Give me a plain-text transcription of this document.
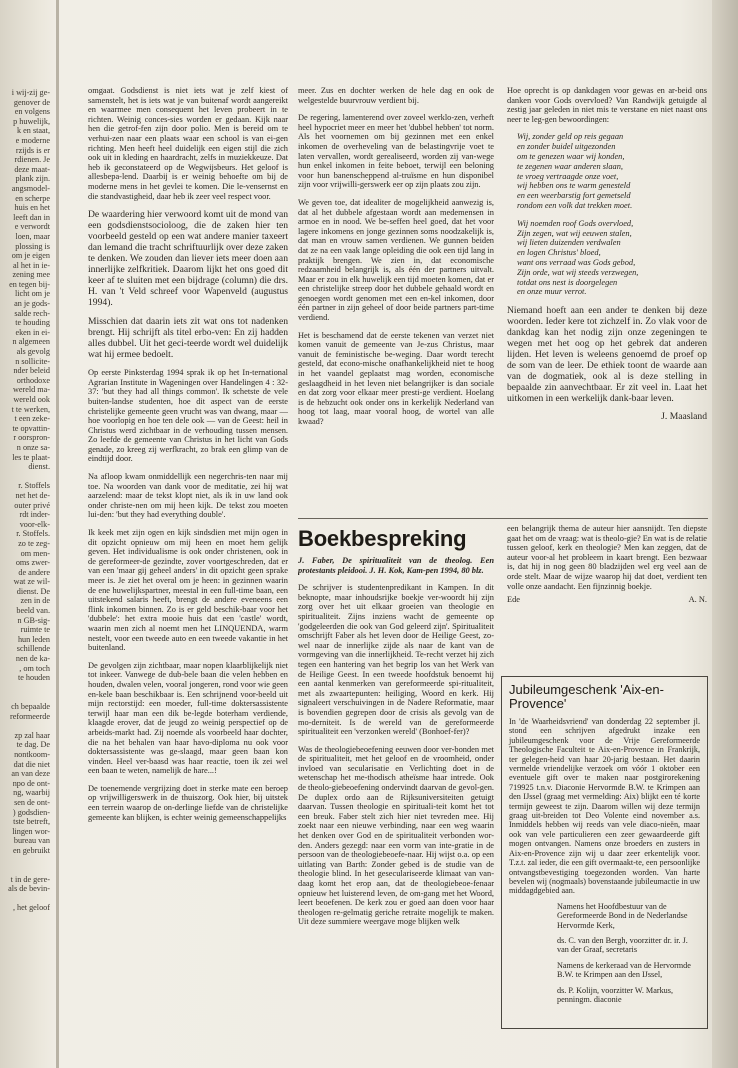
i wij-zij ge-
genover de
en volgens
p huwelijk,
k en staat,
e moderne
rzijds is er
rdienen. Je
deze maat-
plank zijn.
angsmodel-
en scherpe
huis en het
leeft dan in
e verwordt
loen, maar
plossing is
om je eigen
al het in ie-
zening mee
en tegen bij-
licht om je
an je gods-
salde rech-
te houding
eken in ei-
n algemeen
als gevolg
n sollicite-
nder beleid
orthodoxe
wereld ma-
wereld ook
t te werken,
t een zeke-
te opvattin-
r oorspron-
n onze sa-
les te plaat-
dienst.

r. Stoffels
net het de-
outer privé
rdt inder-
voor-elk-
r. Stoffels.
zo te zeg-
om men-
oms zwer-
de andere
wat ze wil-
dienst. De
zen in de
beeld van.
n GB-sig-
ruimte te
hun leden
schillende
nen de ka-
, om toch
te houden

ch bepaalde
reformeerde

zp zal haar
te dag. De
nontkoom-
dat die niet
an van deze
npo de ont-
ng, waarbij
sen de ont-
) godsdien-
tste betreft,
lingen wor-
bureau van
en gebruikt

t in de gere-
als de bevin-

, het geloof

omgaat. Godsdienst is niet iets wat je zelf kiest of samenstelt, het is iets wat je van buitenaf wordt aangereikt en waarmee men consequent het leven probeert in te richten. Weinig conces-sies worden er gedaan. Kijk naar hen die getrof-fen zijn door polio. Men is bereid om te verhui-zen naar een plaats waar een school is van ei-gen richting. Men heeft heel duidelijk een eigen stijl die zich ook uit in kleding en haardracht, zelfs in muziekkeuze. Dat heb ik geconstateerd op de Wegwijsbeurs. Het geloof is allesbepa-lend. Daarbij is er weinig behoefte om bij de moderne mens in het gevlei te komen. Die le-vensernst en die standvastigheid, daar heb ik zeer veel respect voor.

De waardering hier verwoord komt uit de mond van een godsdienstsocioloog, die de zaken hier ten voorbeeld gesteld op een wat andere manier taxeert dan lemand die tracht schriftuurlijk over deze zaken te denken. We zouden dan liever iets meer doen aan innerlijke zelfkritiek. Daarom lijkt het ons goed dit keer af te sluiten met een bijdrage (column) die drs. H. van 't Veld schreef voor Wapenveld (augustus 1994).

Misschien dat daarin iets zit wat ons tot nadenken brengt. Hij schrijft als titel erbo-ven: En zij hadden alles dubbel. Uit het geci-teerde wordt wel duidelijk wat hij ermee bedoelt.

Op eerste Pinksterdag 1994 sprak ik op het In-ternational Agrarian Institute in Wageningen over Handelingen 4 : 32-37: 'but they had all things common'. Ik schetste de vele buiten-landse studenten, hoe dit aspect van de eerste christelijke gemeente geen vrucht was van dwang, maar — hoe voorlopig en hoe ten dele ook — van de Geest: heil in Christus werd zichtbaar in de verhouding tussen mensen. Zo leefde de gemeente van Christus in het licht van Gods genade, zo kreeg zij werfkracht, zo brak een glimp van de eindtijd door.

Na afloop kwam onmiddellijk een negerchris-ten naar mij toe. Na woorden van dank voor de meditatie, zei hij wat aarzelend: maar de tekst klopt niet, als ik in uw land ook onder christe-nen om mij heen kijk. De tekst zou moeten lui-den: 'but they had everything double'.

Ik keek met zijn ogen en kijk sindsdien met mijn ogen in dit opzicht opnieuw om mij heen en moet hem gelijk geven. Het individualisme is ook onder christenen, ook in de gereformeer-de gezindte, zover voortgeschreden, dat er van een 'maar gij geheel anders' in dit opzicht geen sprake meer is. Je ziet het overal om je heen: in gezinnen waarin de ene huwelijkspartner, meestal in een full-time baan, een uitstekend salaris heeft, brengt de andere eveneens een flink inkomen binnen. Zo is er geld beschik-baar voor het 'dubbele': het extra mooie huis dat een 'castle' wordt, waarin men zich al noemt men het LINQUENDA, warm nestelt, voor een tweede auto en een tweede vakantie in het buitenland.

De gevolgen zijn zichtbaar, maar nopen klaarblijkelijk niet tot inkeer. Vanwege de dub-bele baan die velen hebben en houden, dwalen velen, vooral jongeren, rond voor wie geen en-kele baan beschikbaar is. Een schrijnend voor-beeld uit mijn rectorstijd: een moeder, full-time doktersassistente terwijl haar man een dik be-legde boterham verdiende, klaagde erover, dat de jeugd zo weinig perspectief op de arbeids-markt had. Zij noemde als voorbeeld haar dochter, die na het behalen van haar havo-diploma nu ook voor doktersassistente was ge-slaagd, maar geen baan kon vinden. Heel ver-baasd was haar reactie, toen ik zei wel een baan te weten, namelijk de hare...!

De toenemende vergrijzing doet in sterke mate een beroep op vrijwilligerswerk in de thuiszorg. Ook hier, bij uitstek een terrein waarop de on-derlinge liefde van de christelijke gemeente kan blijken, is echter weinig gemeenschappelijks

meer. Zus en dochter werken de hele dag en ook de welgestelde buurvrouw verdient bij.

De regering, lamenterend over zoveel werklo-zen, verheft heel hypocriet meer en meer het 'dubbel hebben' tot norm. Als het voornemen om bij gezinnen met een enkel inkomen de overheveling van de belastingvrije voet te laten vervallen, wordt gerealiseerd, worden zij van-wege hun enkel inkomen in feite beboet, terwijl een beloning voor hun banenscheppend al-truïsme en hun disponibel zijn voor vrijwilli-gerswerk eer op zijn plaats zou zijn.

We geven toe, dat idealiter de mogelijkheid aanwezig is, dat al het dubbele afgestaan wordt aan medemensen in armoe en in nood. We be-seffen heel goed, dat het voor lagere inkomens en jonge gezinnen soms noodzakelijk is, dat man en vrouw samen verdienen. We gunnen beiden dat ze na een vaak lange opleiding die ook een tijd lang in praktijk brengen. We zien in, dat economische redzaamheid belangrijk is, als één der partners uitvalt. Maar er zou in elk huwelijk een tijd moeten komen, dat er een christelijke streep door het dubbele gehaald wordt en genoegen wordt genomen met een en-kel inkomen, door één partner in zijn geheel of door beide partners part-time verdiend.

Het is beschamend dat de eerste tekenen van verzet niet komen vanuit de gemeente van Je-zus Christus, maar vanuit de feministische be-weging. Daar wordt terecht gesteld, dat econo-mische onafhankelijkheid niet te hoog in het vaandel geplaatst mag worden, economische geslaagdheid in het leven niet belangrijker is dan sociale en dat zorg voor elkaar meer presti-ge verdient. Hoelang is de hebzucht ook onder ons in kerkelijk Nederland van hoog tot laag, maar vooral hoog, de wortel van alle kwaad?

Hoe oprecht is op dankdagen voor gewas en ar-beid ons danken voor Gods overvloed? Van Randwijk getuigde al zestig jaar geleden in niet mis te verstane en niet naast ons neer te leg-gen bewoordingen:

Wij, zonder geld op reis gegaan
en zonder buidel uitgezonden
om te genezen waar wij konden,
te zegenen waar anderen slaan,
te vroeg vertraagde onze voet,
wij hebben ons te warm genesteld
en een weerbarstig fort gemetseld
rondom een volk dat trekken moet.
Wij noemden roof Gods overvloed,
Zijn zegen, wat wij eeuwen stalen,
wij lieten duizenden verdwalen
en logen Christus' bloed,
want ons verraad was Gods gebod,
Zijn orde, wat wij steeds verzwegen,
totdat ons nest is doorgelegen
en onze muur verrot.

Niemand hoeft aan een ander te denken bij deze woorden. Ieder kere tot zichzelf in. Zo vlak voor de dankdag kan het nodig zijn onze zegeningen te wegen met het oog op het gebrek dat anderen lijden. Het leven is weleens genoemd de proef op de som van de leer. De ethiek toont de waarde aan van de dogmatiek, ook al is deze stelling in bepaalde zin aanvechtbaar. Er zit veel in. Laat het uitkomen in een werkelijk dank-baar leven.

J. Maasland
Boekbespreking

J. Faber, De spiritualiteit van de theolog. Een protestants pleidooi. J. H. Kok, Kam-pen 1994, 80 blz.

De schrijver is studentenpredikant in Kampen. In dit beknopte, maar inhoudsrijke boekje ver-woordt hij zijn zorg over het uit elkaar groeien van theologie en spiritualiteit. Zijns inziens wacht de gemeente op 'godgeleerden die ook van God geleerd zijn'. Spiritualiteit omschrijft Faber als het leven door de Heilige Geest, zo-wel naar de innerlijke zijde als naar de kant van de vormgeving van die innerlijkheid. Te-recht verzet hij zich tegen een hantering van het begrip los van het Werk van de Heilige Geest. In een tweede hoofdstuk benoemt hij een aantal kenmerken van gereformeerde spi-ritualiteit, met als zwaartepunten: heiliging, Woord en kerk. Hij signaleert verschuivingen in de Nadere Reformatie, maar is bovendien gegrepen door de crisis als gevolg van de mo-derniteit. Is de wereld van de gereformeerde spiritualiteit een 'verzonken wereld' (Bonhoef-fer)?

Was de theologiebeoefening eeuwen door ver-bonden met de spiritualiteit, met het geloof en de vroomheid, onder invloed van secularisatie en Verlichting doet in de wetenschap het me-thodisch atheïsme haar intrede. Ook de theolo-giebeoefening ondervindt daarvan de gevol-gen. De duplex ordo aan de Rijksuniversiteiten getuigt daarvan. Tussen theologie en spirituali-teit komt het tot een breuk. Faber stelt zich hier niet tevreden mee. Hij zoekt naar een nieuwe verbinding, naar een weg waarin het denken over God en de spiritualiteit verbonden wor-den. Anders gezegd: naar een vorm van inte-gratie in de persoon van de theologiebeoefe-naar. Hij wijst o.a. op een uitlating van Barth: Zonder gebed is de studie van de theologie blind. In het geseculariseerde klimaat van van-daag komt het erop aan, dat de theologiebeoe-fenaar opnieuw het luisterend leven, de om-gang met het Woord, leert beoefenen. De kerk zou er goed aan doen voor haar theologen re-gelmatig geriche retraite mogelijk te maken. Uit deze summiere weergave moge blijken welk

een belangrijk thema de auteur hier aansnijdt. Ten diepste gaat het om de vraag: wat is theolo-gie? En wat is de relatie tussen geloof, kerk en theologie? Men kan zeggen, dat de auteur voor-al het probleem in kaart brengt. Een bezwaar is, dat hij in nog geen 80 bladzijden wel erg veel aan de orde stelt. Maar de wijze waarop hij dat doet, verdient ten volle onze aandacht. Een fijnzinnig boekje.

Ede	A. N.
Jubileumgeschenk 'Aix-en-Provence'
In 'de Waarheidsvriend' van donderdag 22 september jl. stond een schrijven afgedrukt inzake een jubileumgeschenk voor de Vrije Gereformeerde Theologische Faculteit te Aix-en-Provence in Frankrijk, ter gelegen-heid van haar 20-jarig bestaan. Het daarin vermelde vriendelijke verzoek om vóór 1 oktober een eventuele gift over te maken naar postgirorekening 719925 t.n.v. Diaconie Hervormde B.W. te Krimpen aan den IJssel (graag met vermelding: Aix) blijkt een té korte termijn geweest te zijn. Daarom willen wij deze termijn graag uit-breiden tot Deo Volente eind november a.s. Inmiddels hebben wij reeds van vele diaco-nieën, maar ook van vele particulieren een zeer gewaardeerde gift mogen ontvangen. Namens onze broeders en zusters in Aix-en-Provence zijn wij u daar zeer erkentelijk voor. T.z.t. zal ieder, die een gift overmaakt-te, een persoonlijke ontvangstbevestiging toegezonden worden. Van harte bevelen wij (nogmaals) bovenstaande jubileumactie in uw middagdgebied aan.

Namens het Hoofdbestuur van de Gereformeerde Bond in de Nederlandse Hervormde Kerk,

ds. C. van den Bergh, voorzitter dr. ir. J. van der Graaf, secretaris

Namens de kerkeraad van de Hervormde B.W. te Krimpen aan den IJssel,

ds. P. Kolijn, voorzitter W. Markus, penningm. diaconie
